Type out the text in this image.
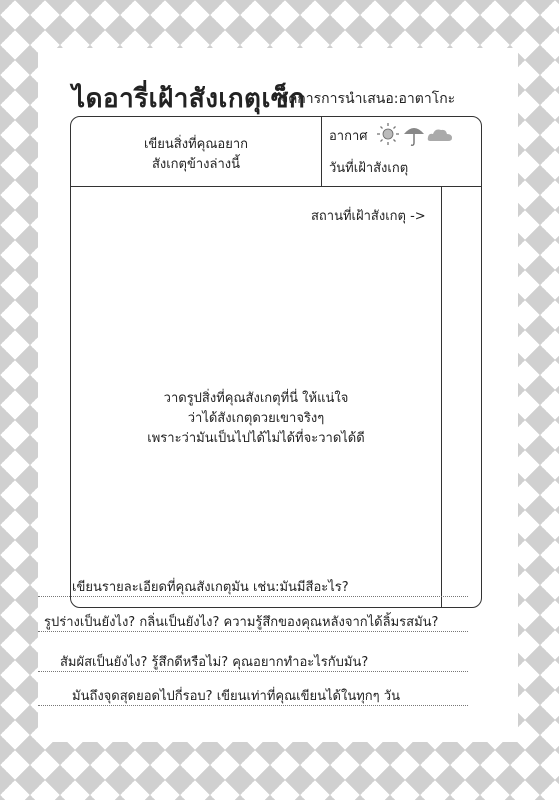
ไดอารี่เฝ้าสังเกตุเซ็ก
จัดการการนำเสนอ:อาตาโกะ
เขียนสิ่งที่คุณอยาก
สังเกตุข้างล่างนี้
อากาศ
วันที่เฝ้าสังเกตุ
สถานที่เฝ้าสังเกตุ ->
วาดรูปสิ่งที่คุณสังเกตุที่นี่ ให้แน่ใจ
ว่าได้สังเกตุดวยเขาจริงๆ
เพราะว่ามันเป็นไปได้ไม่ได้ที่จะวาดได้ดี
เขียนรายละเอียดที่คุณสังเกตุมัน เช่น:มันมีสีอะไร?
รูปร่างเป็นยังไง? กลิ่นเป็นยังไง? ความรู้สึกของคุณหลังจากได้ลิ้มรสมัน?
สัมผัสเป็นยังไง? รู้สึกดีหรือไม่? คุณอยากทำอะไรกับมัน?
มันถึงจุดสุดยอดไปกี่รอบ? เขียนเท่าที่คุณเขียนได้ในทุกๆ วัน
